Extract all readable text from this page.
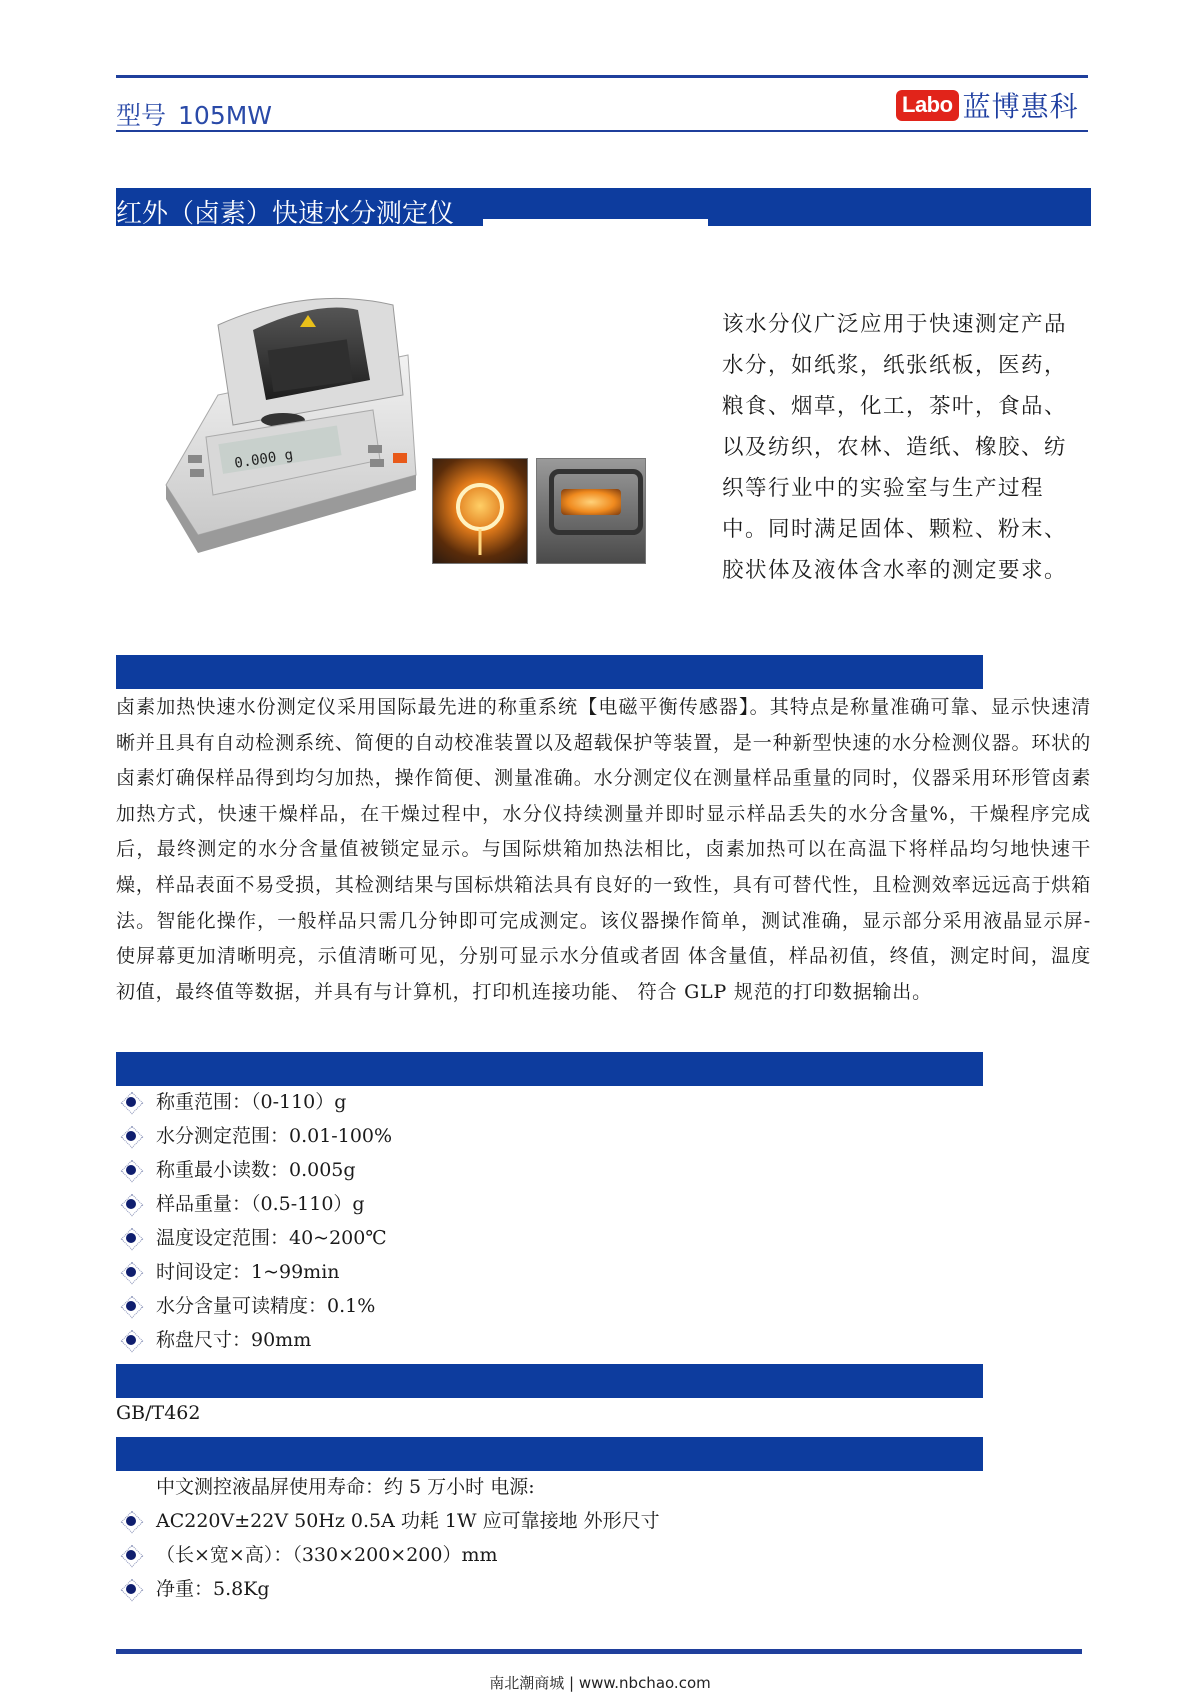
型号 105MW	Labo 蓝博惠科
红外（卤素）快速水分测定仪
0.000 g
该水分仪广泛应用于快速测定产品水分，如纸浆，纸张纸板，医药，粮食、烟草，化工，茶叶，食品、以及纺织，农林、造纸、橡胶、纺织等行业中的实验室与生产过程中。同时满足固体、颗粒、粉末、胶状体及液体含水率的测定要求。
卤素加热快速水份测定仪采用国际最先进的称重系统【电磁平衡传感器】。其特点是称量准确可靠、显示快速清晰并且具有自动检测系统、简便的自动校准装置以及超载保护等装置，是一种新型快速的水分检测仪器。环状的卤素灯确保样品得到均匀加热，操作简便、测量准确。水分测定仪在测量样品重量的同时，仪器采用环形管卤素加热方式，快速干燥样品，在干燥过程中，水分仪持续测量并即时显示样品丢失的水分含量%，干燥程序完成后，最终测定的水分含量值被锁定显示。与国际烘箱加热法相比，卤素加热可以在高温下将样品均匀地快速干燥，样品表面不易受损，其检测结果与国标烘箱法具有良好的一致性，具有可替代性，且检测效率远远高于烘箱法。智能化操作，一般样品只需几分钟即可完成测定。该仪器操作简单，测试准确，显示部分采用液晶显示屏-使屏幕更加清晰明亮，示值清晰可见，分别可显示水分值或者固 体含量值，样品初值，终值，测定时间，温度初值，最终值等数据，并具有与计算机，打印机连接功能、 符合 GLP 规范的打印数据输出。
称重范围：（0-110）g
水分测定范围：0.01-100%
称重最小读数：0.005g
样品重量：（0.5-110）g
温度设定范围：40~200℃
时间设定：1~99min
水分含量可读精度：0.1%
称盘尺寸：90mm
GB/T462
中文测控液晶屏使用寿命：约 5 万小时 电源:
AC220V±22V 50Hz 0.5A 功耗 1W 应可靠接地 外形尺寸
（长×宽×高）：（330×200×200）mm
净重：5.8Kg
南北潮商城 | www.nbchao.com
